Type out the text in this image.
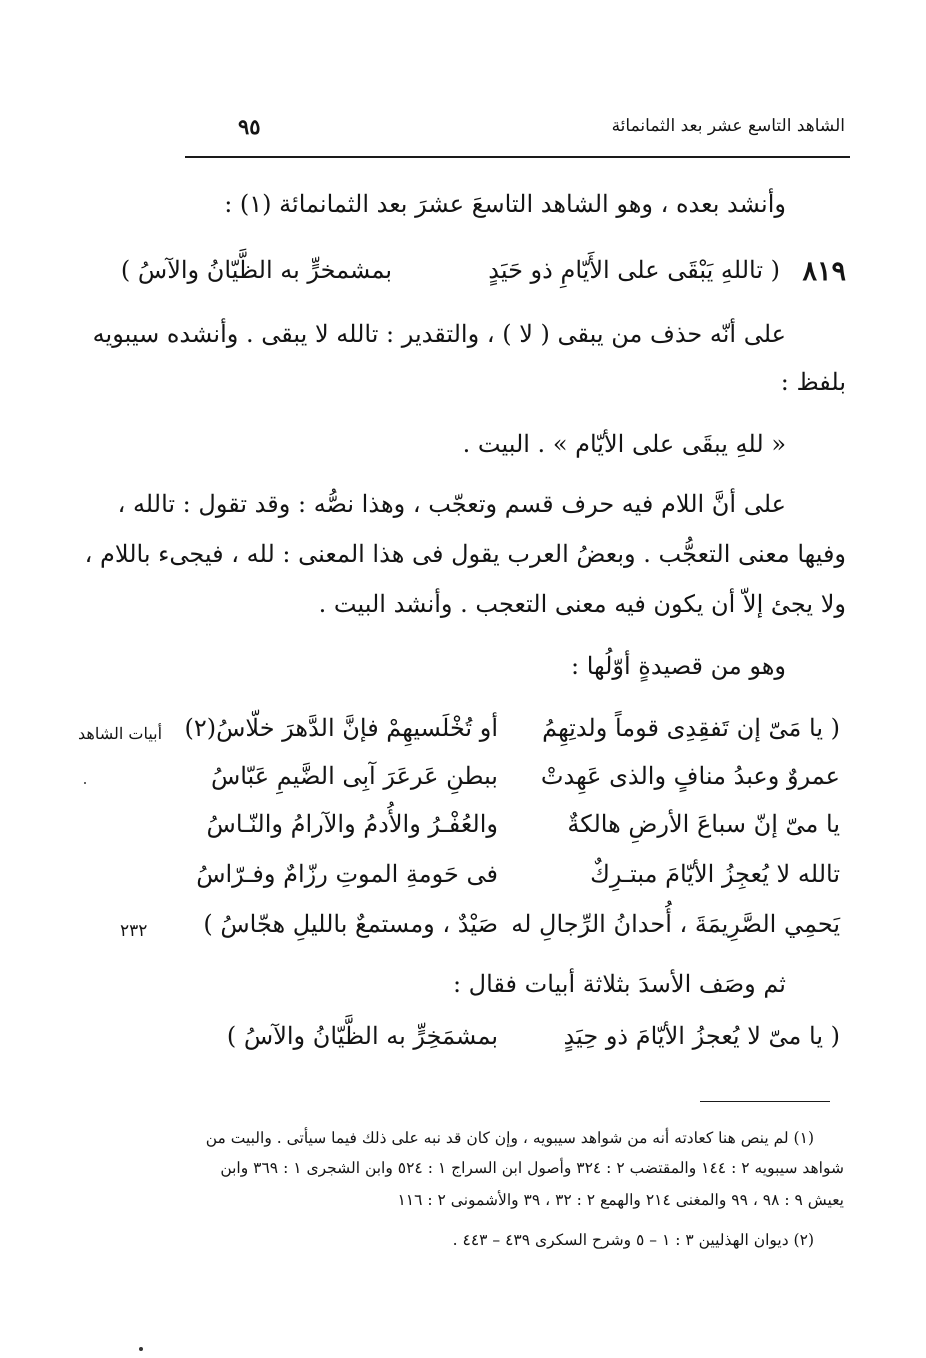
الشاهد التاسع عشر بعد الثمانمائة
٩٥
وأنشد بعده ، وهو الشاهد التاسعَ عشرَ بعد الثمانمائة (١) :
٨١٩
( تاللهِ يَبْقَى على الأَيّامِ ذو حَيَدٍ
بمشمخرٍّ به الظَّيّانُ والآسُ )
على أنّه حذف من يبقى ( لا ) ، والتقدير : تالله لا يبقى . وأنشده سيبويه
بلفظ :
« للهِ يبقَى على الأيّام » . البيت .
على أنَّ اللام فيه حرف قسم وتعجّب ، وهذا نصُّه : وقد تقول : تالله ،
وفيها معنى التعجُّب . وبعضُ العرب يقول فى هذا المعنى : لله ، فيجىء باللام ،
ولا يجئ إلاّ أن يكون فيه معنى التعجب . وأنشد البيت .
وهو من قصيدةٍ أوّلُها :
( يا مَىّ إن تَفقِدِى قوماً ولدتِهِمُ
أو تُخْلَسيهِمْ فإنَّ الدَّهرَ خلّاسُ(٢)
عمروٌ وعبدُ منافٍ والذى عَهِدتْ
ببطنِ عَرعَرَ آبِى الضَّيمِ عَبّاسُ
يا مىّ إنّ سباعَ الأرضِ هالكةٌ
والعُفْـرُ والأُدمُ والآرامُ والنّـاسُ
تالله لا يُعجِزُ الأيّامَ مبتـرِكٌ
فى حَومةِ الموتِ رزّامٌ وفـرّاسُ
يَحمِي الصَّرِيمَةَ ، أُحدانُ الرِّجالِ له
صَيْدٌ ، ومستمعٌ بالليلِ هجّاسُ )
أبيات الشاهد
٢٣٢
ثم وصَف الأسدَ بثلاثة أبيات فقال :
( يا مىّ لا يُعجزُ الأيّامَ ذو حِيَدٍ
بمشمَخِرٍّ به الظَّيّانُ والآسُ )
(١) لم ينص هنا كعادته أنه من شواهد سيبويه ، وإن كان قد نبه على ذلك فيما سيأتى . والبيت من
شواهد سيبويه ٢ : ١٤٤ والمقتضب ٢ : ٣٢٤ وأصول ابن السراج ١ : ٥٢٤ وابن الشجرى ١ : ٣٦٩ وابن
يعيش ٩ : ٩٨ ، ٩٩ والمغنى ٢١٤ والهمع ٢ : ٣٢ ، ٣٩ والأشمونى ٢ : ١١٦
(٢) ديوان الهذليين ٣ : ١ – ٥ وشرح السكرى ٤٣٩ – ٤٤٣ .
